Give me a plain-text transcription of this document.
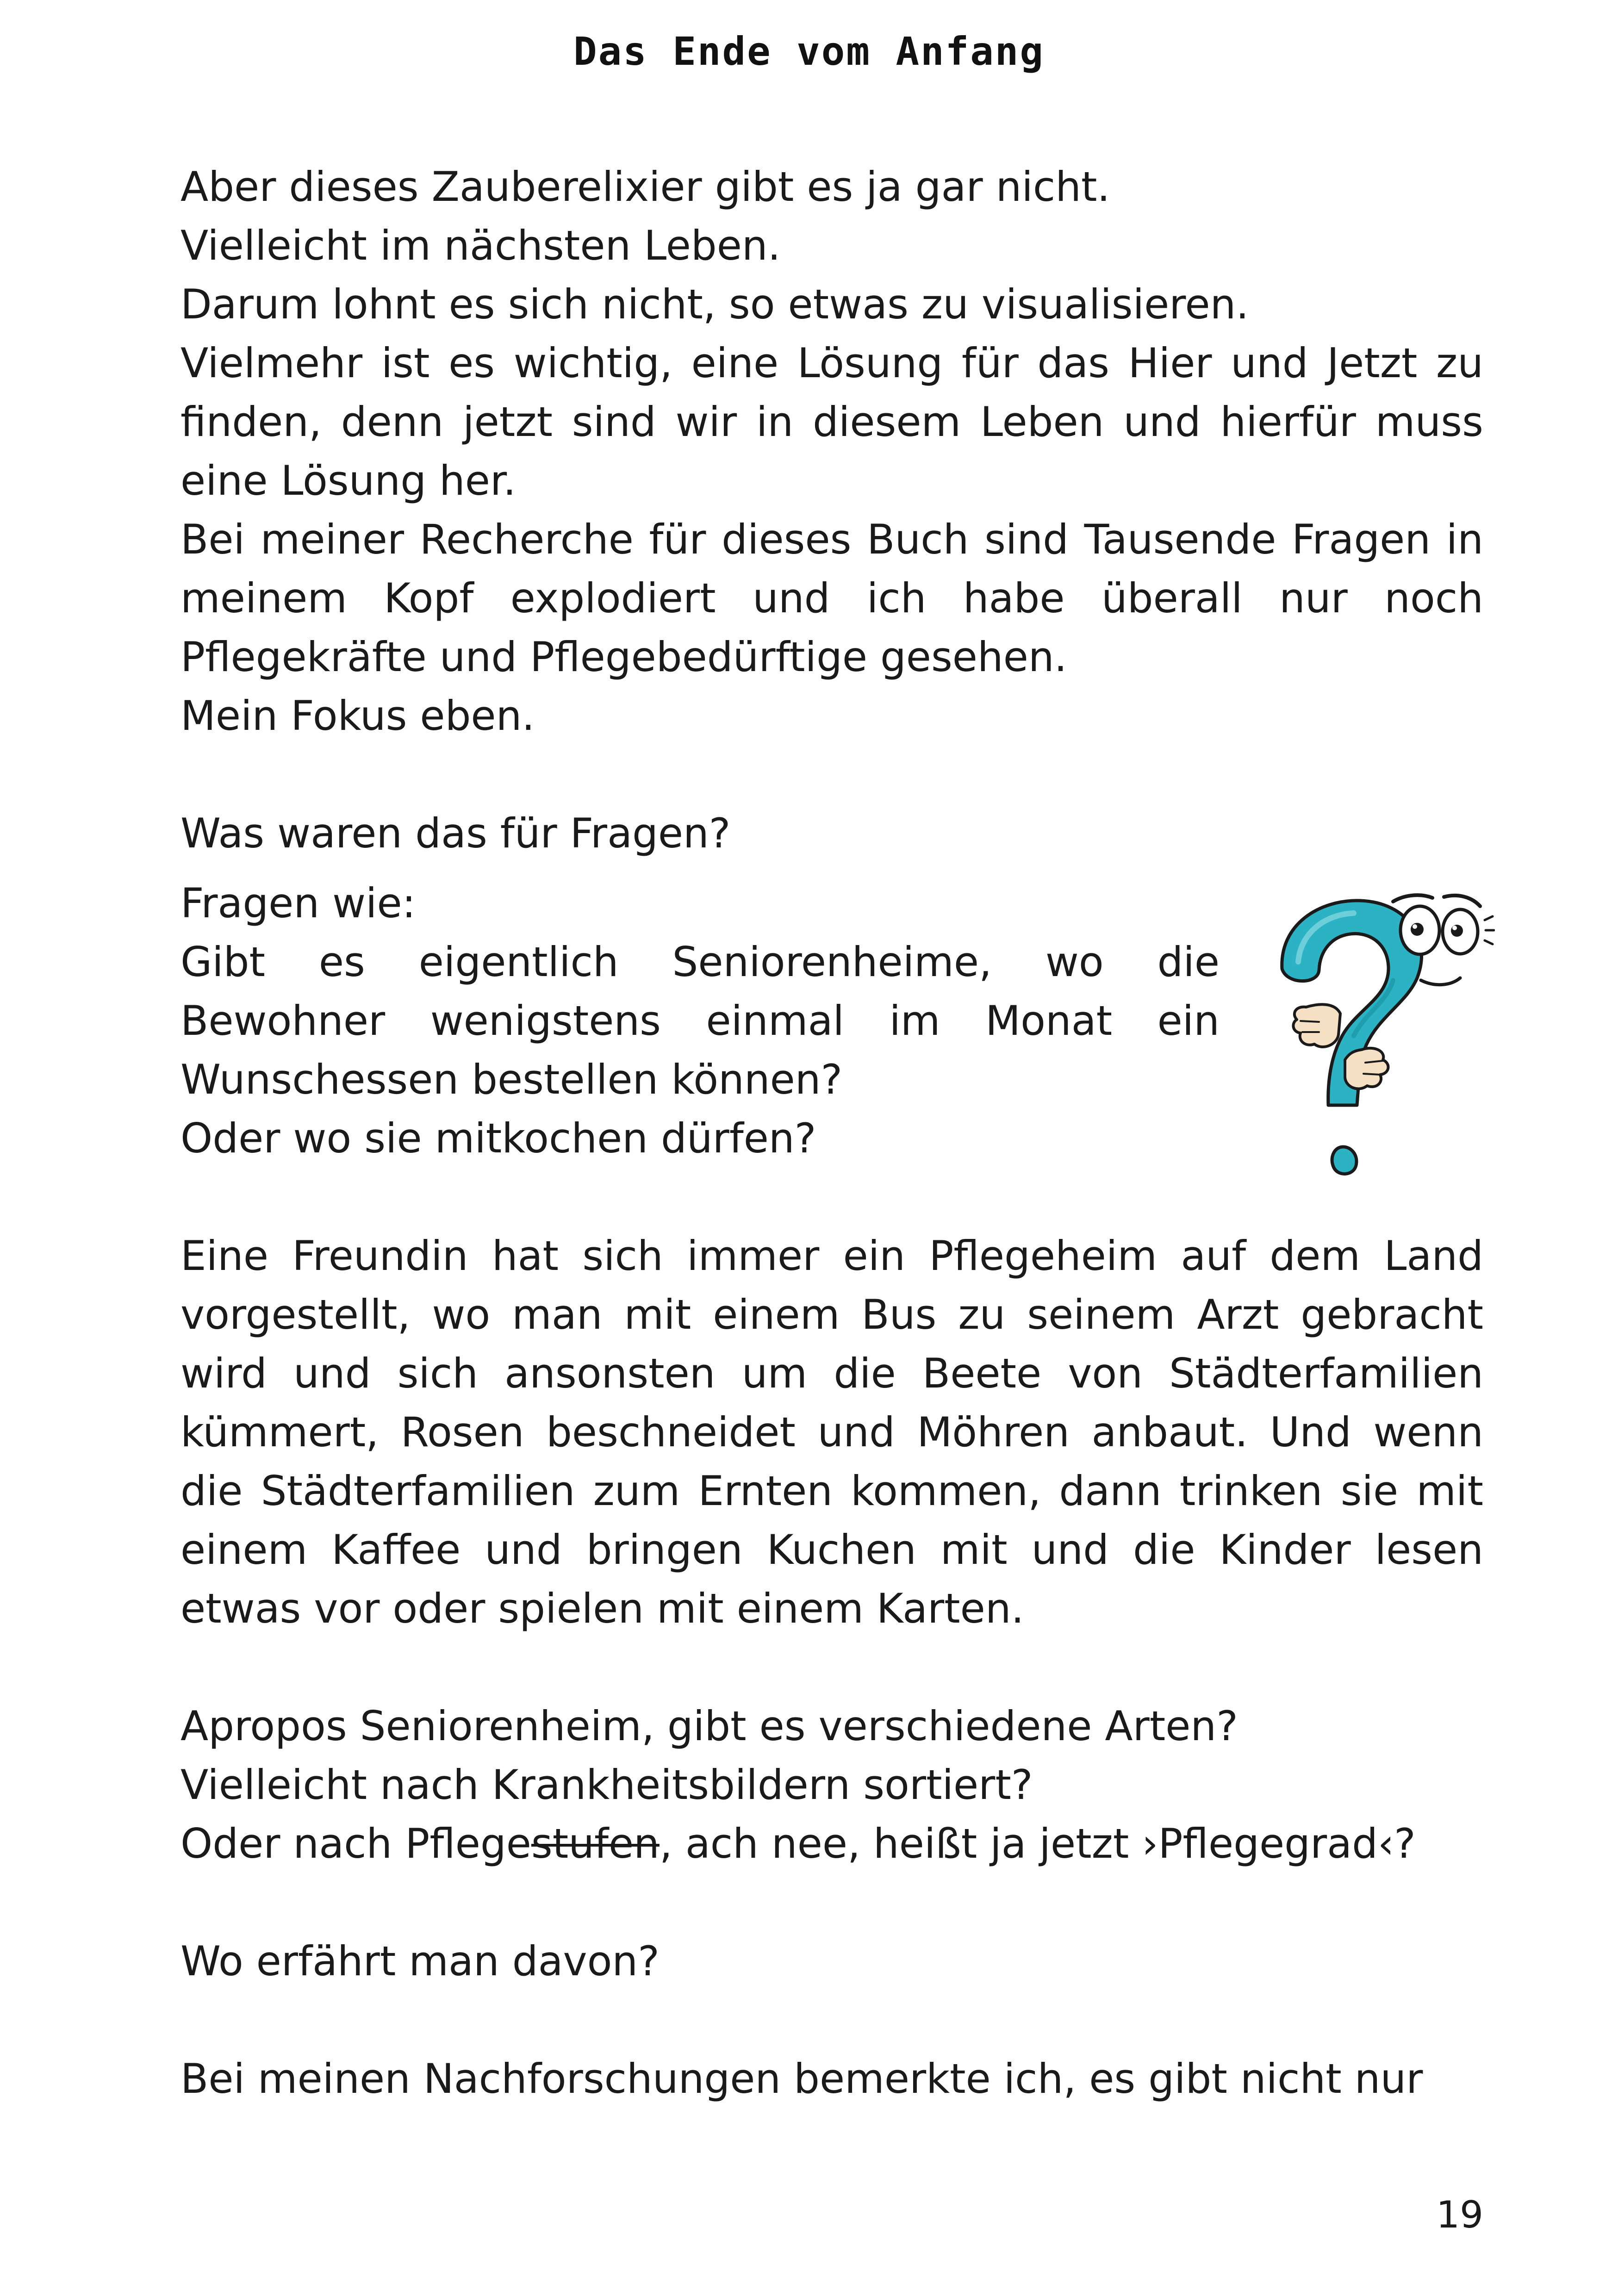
Das Ende vom Anfang

Aber dieses Zauberelixier gibt es ja gar nicht.

Vielleicht im nächsten Leben.

Darum lohnt es sich nicht, so etwas zu visualisieren.

Vielmehr ist es wichtig, eine Lösung für das Hier und Jetzt zu finden, denn jetzt sind wir in diesem Leben und hierfür muss eine Lösung her.

Bei meiner Recherche für dieses Buch sind Tausende Fragen in meinem Kopf explodiert und ich habe überall nur noch Pflegekräfte und Pflegebedürftige gesehen.

Mein Fokus eben.

Was waren das für Fragen?

Fragen wie:

Gibt es eigentlich Seniorenheime, wo die Bewohner wenigstens einmal im Monat ein Wunschessen bestellen können?

Oder wo sie mitkochen dürfen?

Eine Freundin hat sich immer ein Pflegeheim auf dem Land vorgestellt, wo man mit einem Bus zu seinem Arzt gebracht wird und sich ansonsten um die Beete von Städterfamilien kümmert, Rosen beschneidet und Möhren anbaut. Und wenn die Städterfamilien zum Ernten kommen, dann trinken sie mit einem Kaffee und bringen Kuchen mit und die Kinder lesen etwas vor oder spielen mit einem Karten.

Apropos Seniorenheim, gibt es verschiedene Arten?

Vielleicht nach Krankheitsbildern sortiert?

Oder nach Pflegestufen, ach nee, heißt ja jetzt ›Pflegegrad‹?

Wo erfährt man davon?

Bei meinen Nachforschungen bemerkte ich, es gibt nicht nur

19
